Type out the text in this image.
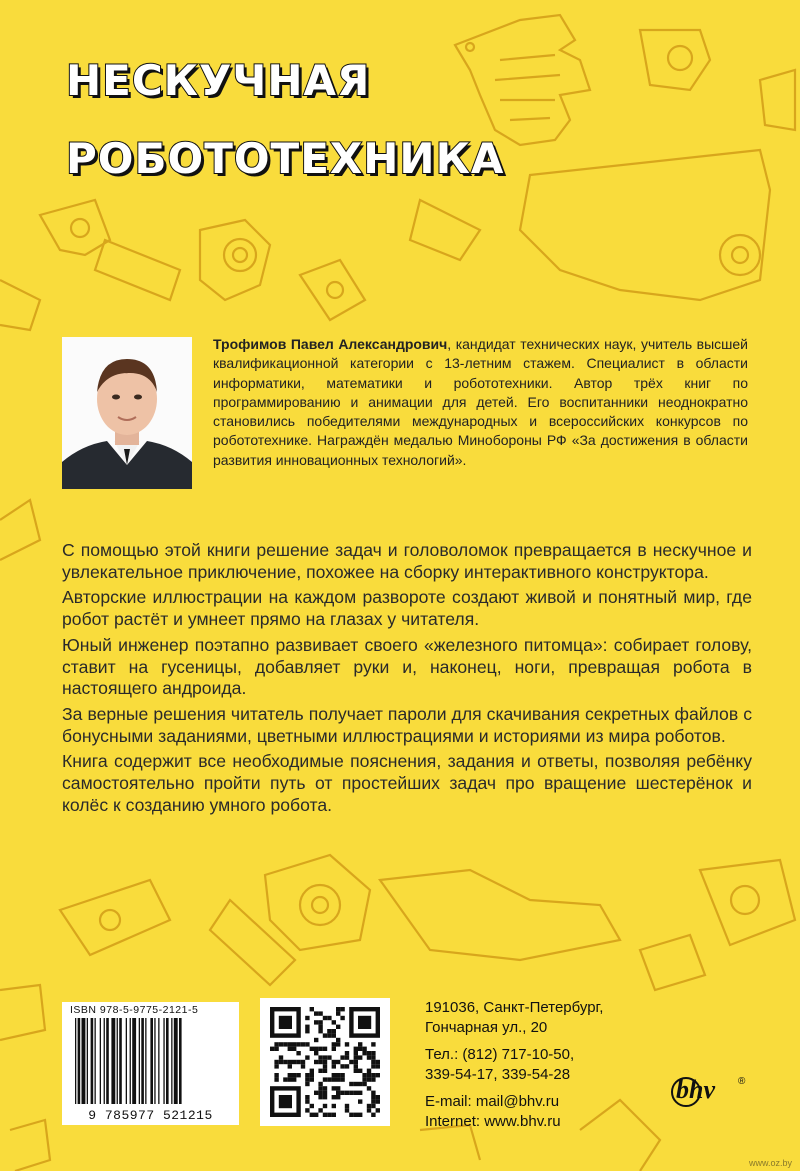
НЕСКУЧНАЯ
РОБОТОТЕХНИКА

Трофимов Павел Александрович, кандидат технических наук, учитель высшей квалификационной категории с 13-летним стажем. Специалист в области информатики, математики и робототехники. Автор трёх книг по программированию и анимации для детей. Его воспитанники неоднократно становились победителями международных и всероссийских конкурсов по робототехнике. Награждён медалью Минобороны РФ «За достижения в области развития инновационных технологий».

С помощью этой книги решение задач и головоломок превращается в нескучное и увлекательное приключение, похожее на сборку интерактивного конструктора.

Авторские иллюстрации на каждом развороте создают живой и понятный мир, где робот растёт и умнеет прямо на глазах у читателя.

Юный инженер поэтапно развивает своего «железного питомца»: собирает голову, ставит на гусеницы, добавляет руки и, наконец, ноги, превращая робота в настоящего андроида.

За верные решения читатель получает пароли для скачивания секретных файлов с бонусными заданиями, цветными иллюстрациями и историями из мира роботов.

Книга содержит все необходимые пояснения, задания и ответы, позволяя ребёнку самостоятельно пройти путь от простейших задач про вращение шестерёнок и колёс к созданию умного робота.

ISBN 978-5-9775-2121-5
9 785977 521215
191036, Санкт-Петербург,
Гончарная ул., 20
Тел.: (812) 717-10-50,
339-54-17, 339-54-28
E-mail: mail@bhv.ru
Internet: www.bhv.ru
bhv ®
www.oz.by
